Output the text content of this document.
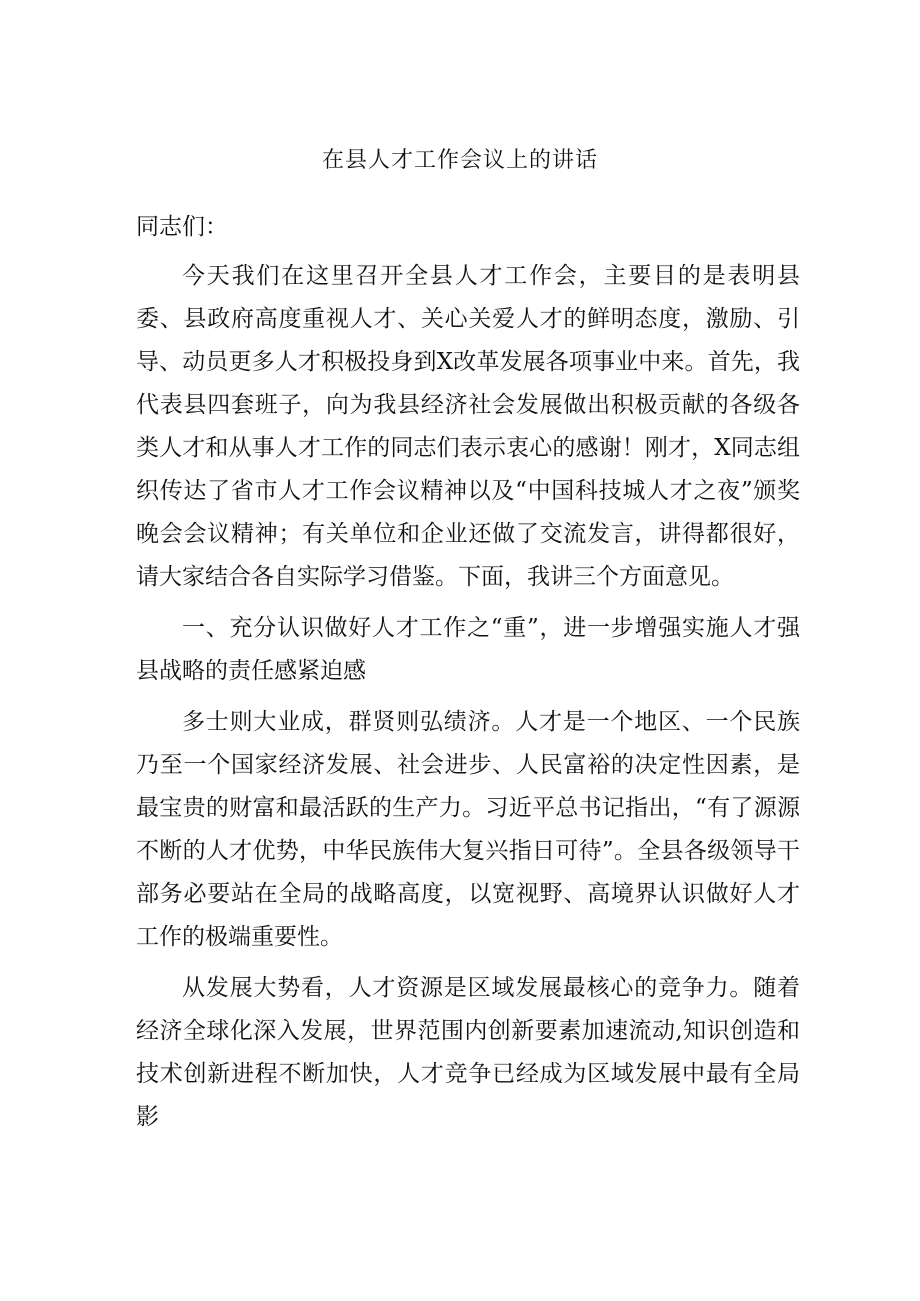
在县人才工作会议上的讲话

同志们：

今天我们在这里召开全县人才工作会，主要目的是表明县委、县政府高度重视人才、关心关爱人才的鲜明态度，激励、引导、动员更多人才积极投身到X改革发展各项事业中来。首先，我代表县四套班子，向为我县经济社会发展做出积极贡献的各级各类人才和从事人才工作的同志们表示衷心的感谢！刚才，X同志组织传达了省市人才工作会议精神以及“中国科技城人才之夜”颁奖晚会会议精神；有关单位和企业还做了交流发言，讲得都很好，请大家结合各自实际学习借鉴。下面，我讲三个方面意见。

一、充分认识做好人才工作之“重”，进一步增强实施人才强县战略的责任感紧迫感

多士则大业成，群贤则弘绩济。人才是一个地区、一个民族乃至一个国家经济发展、社会进步、人民富裕的决定性因素，是最宝贵的财富和最活跃的生产力。习近平总书记指出，“有了源源不断的人才优势，中华民族伟大复兴指日可待”。全县各级领导干部务必要站在全局的战略高度，以宽视野、高境界认识做好人才工作的极端重要性。

从发展大势看，人才资源是区域发展最核心的竞争力。随着经济全球化深入发展，世界范围内创新要素加速流动,知识创造和技术创新进程不断加快，人才竞争已经成为区域发展中最有全局影
